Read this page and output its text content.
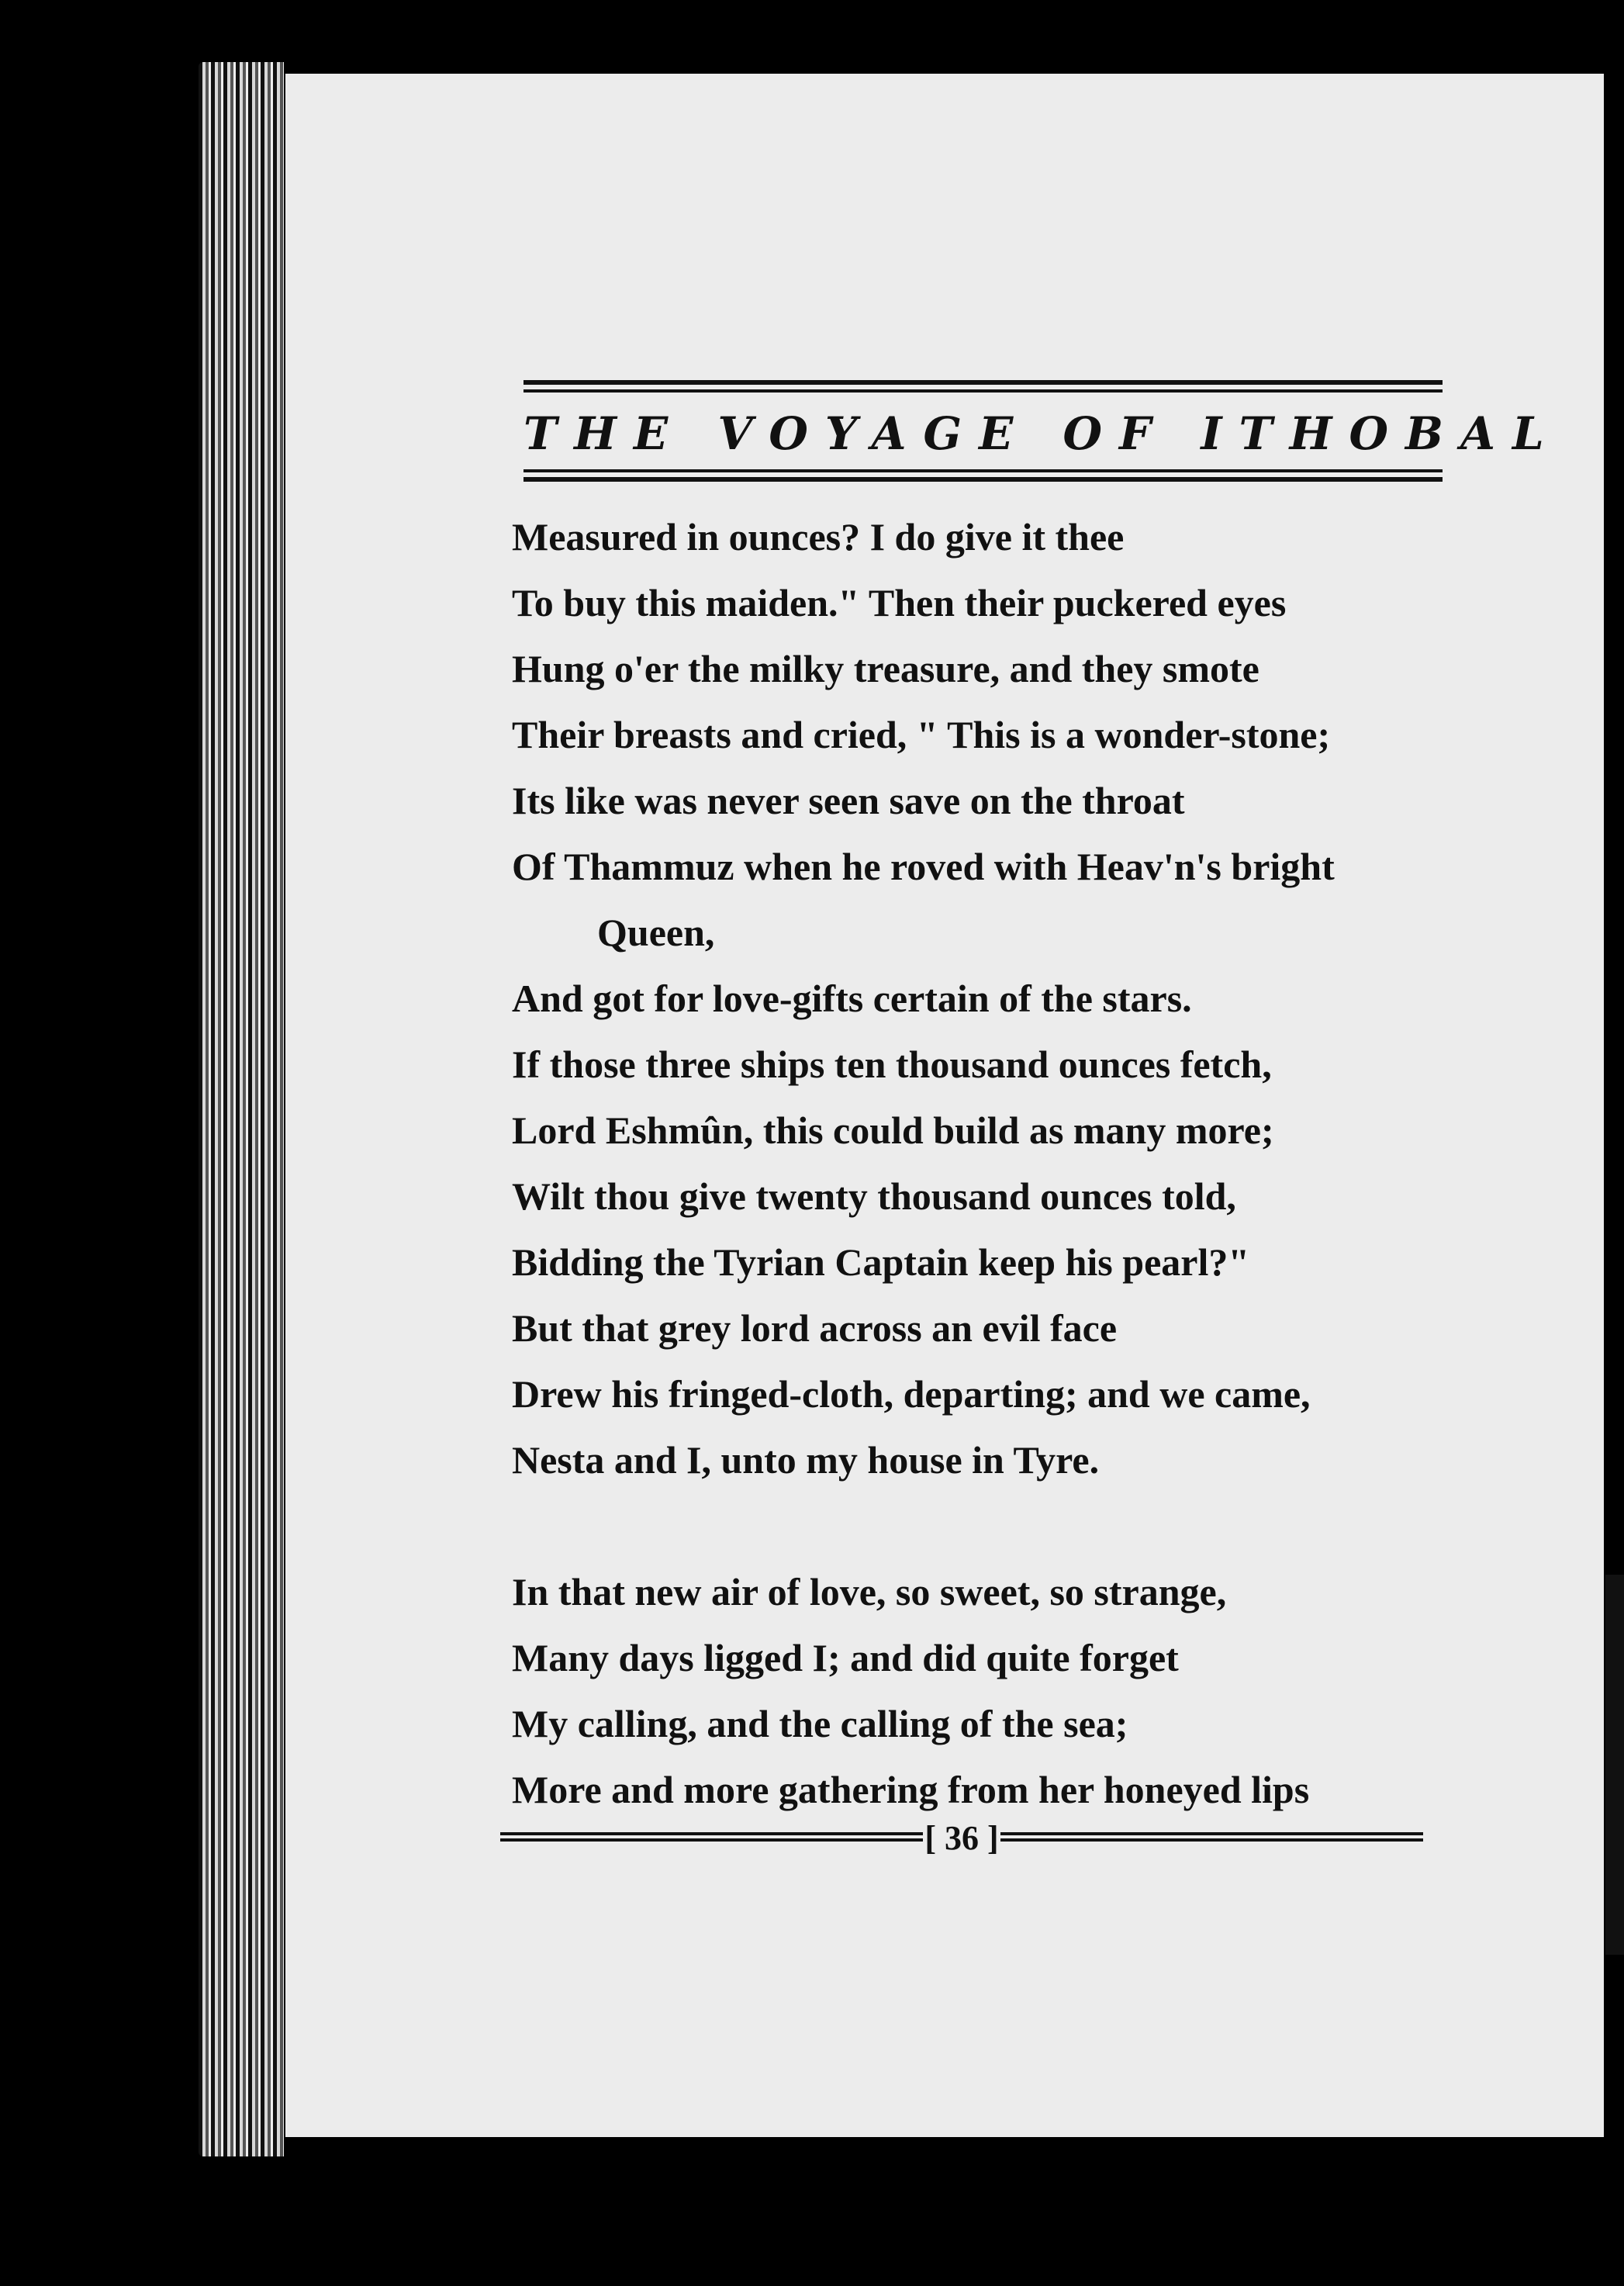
THE VOYAGE OF ITHOBAL
Measured in ounces? I do give it thee
To buy this maiden." Then their puckered eyes
Hung o'er the milky treasure, and they smote
Their breasts and cried, " This is a wonder-stone;
Its like was never seen save on the throat
Of Thammuz when he roved with Heav'n's bright
Queen,
And got for love-gifts certain of the stars.
If those three ships ten thousand ounces fetch,
Lord Eshmûn, this could build as many more;
Wilt thou give twenty thousand ounces told,
Bidding the Tyrian Captain keep his pearl?"
But that grey lord across an evil face
Drew his fringed-cloth, departing; and we came,
Nesta and I, unto my house in Tyre.
In that new air of love, so sweet, so strange,
Many days ligged I; and did quite forget
My calling, and the calling of the sea;
More and more gathering from her honeyed lips
[ 36 ]
